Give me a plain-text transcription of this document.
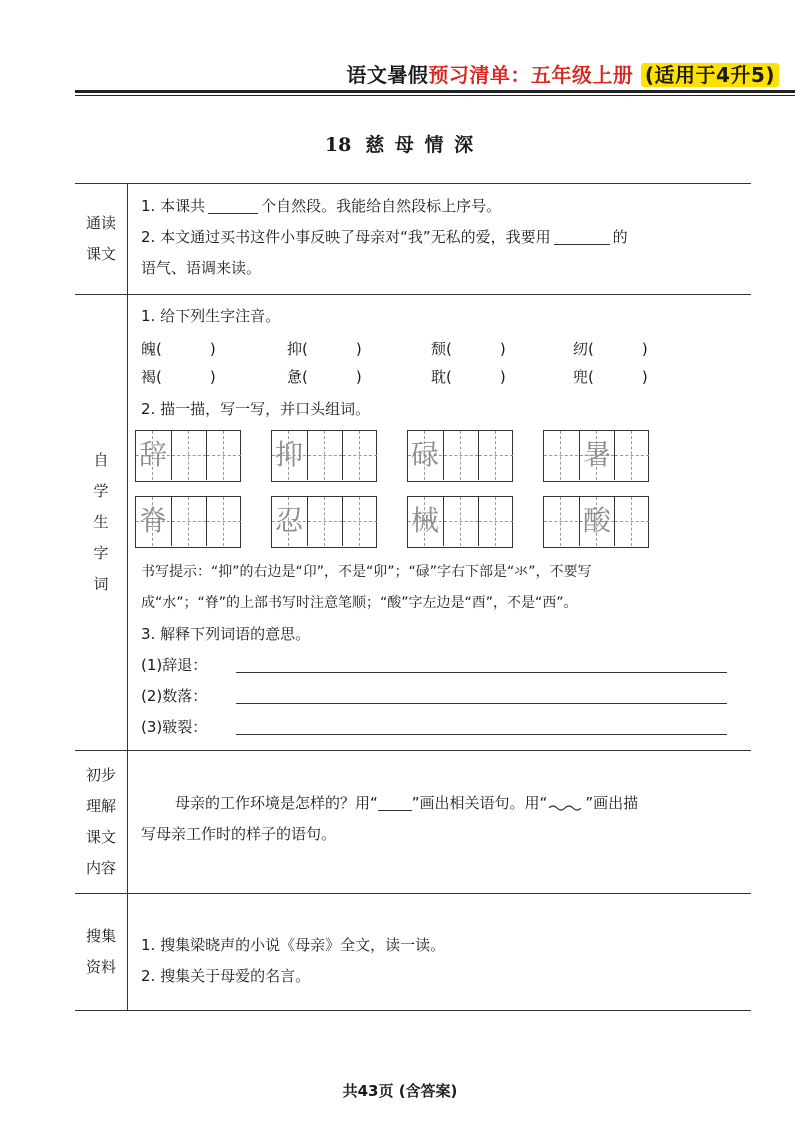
语文暑假预习清单：五年级上册 (适用于4升5)
18 慈 母 情 深
通读
课文
1. 本课共	个自然段。我能给自然段标上序号。
2. 本文通过买书这件小事反映了母亲对“我”无私的爱，我要用	的
语气、语调来读。
自
学
生
字
词
1. 给下列生字注音。
魄(	)	抑(	)	颓(	)	纫(	)
褐(	)	惫(	)	耽(	)	兜(	)
2. 描一描，写一写，并口头组词。
辞	抑	碌	暑
脊	忍	械	酸
书写提示：“抑”的右边是“卬”，不是“卯”；“碌”字右下部是“氺”，不要写
成“水”；“脊”的上部书写时注意笔顺；“酸”字左边是“酉”，不是“西”。
3. 解释下列词语的意思。
(1)辞退：
(2)数落：
(3)皲裂：
初步
理解
课文
内容
母亲的工作环境是怎样的？用“ ”画出相关语句。用“	”画出描
写母亲工作时的样子的语句。
搜集
资料
1. 搜集梁晓声的小说《母亲》全文，读一读。
2. 搜集关于母爱的名言。
共43页 (含答案)
